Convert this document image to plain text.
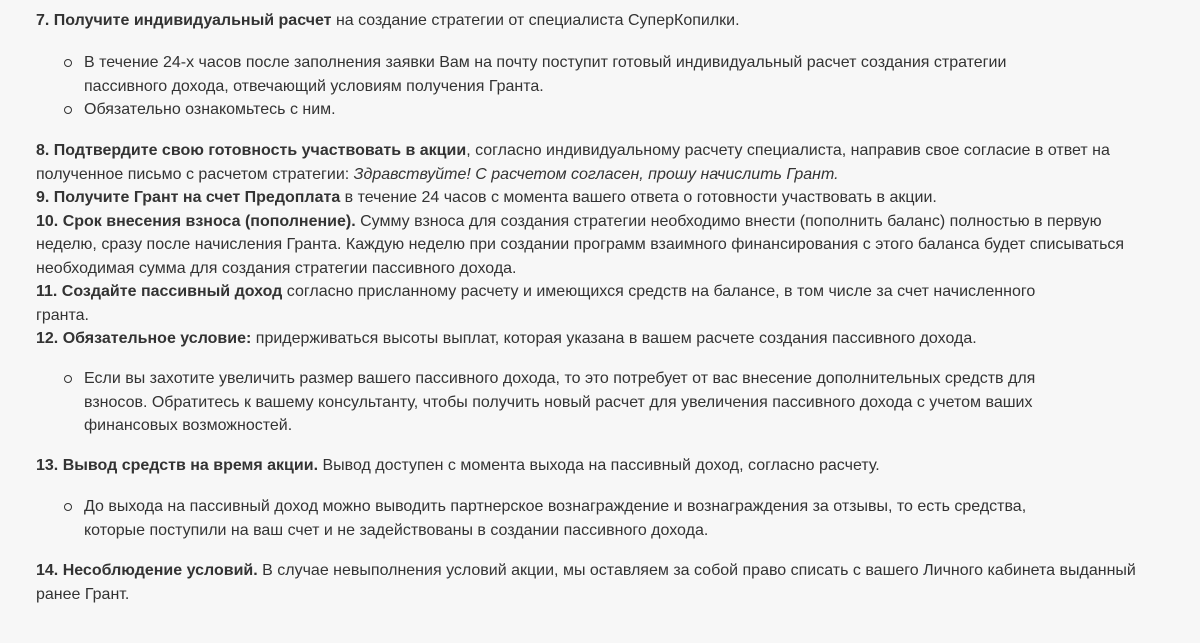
7. Получите индивидуальный расчет на создание стратегии от специалиста СуперКопилки.

В течение 24-х часов после заполнения заявки Вам на почту поступит готовый индивидуальный расчет создания стратегии пассивного дохода, отвечающий условиям получения Гранта.
Обязательно ознакомьтесь с ним.

8. Подтвердите свою готовность участвовать в акции, согласно индивидуальному расчету специалиста, направив свое согласие в ответ на полученное письмо с расчетом стратегии: Здравствуйте! С расчетом согласен, прошу начислить Грант.

9. Получите Грант на счет Предоплата в течение 24 часов с момента вашего ответа о готовности участвовать в акции.

10. Срок внесения взноса (пополнение). Сумму взноса для создания стратегии необходимо внести (пополнить баланс) полностью в первую неделю, сразу после начисления Гранта. Каждую неделю при создании программ взаимного финансирования с этого баланса будет списываться необходимая сумма для создания стратегии пассивного дохода.

11. Создайте пассивный доход согласно присланному расчету и имеющихся средств на балансе, в том числе за счет начисленного гранта.

12. Обязательное условие: придерживаться высоты выплат, которая указана в вашем расчете создания пассивного дохода.

Если вы захотите увеличить размер вашего пассивного дохода, то это потребует от вас внесение дополнительных средств для взносов. Обратитесь к вашему консультанту, чтобы получить новый расчет для увеличения пассивного дохода с учетом ваших финансовых возможностей.

13. Вывод средств на время акции. Вывод доступен с момента выхода на пассивный доход, согласно расчету.

До выхода на пассивный доход можно выводить партнерское вознаграждение и вознаграждения за отзывы, то есть средства, которые поступили на ваш счет и не задействованы в создании пассивного дохода.

14. Несоблюдение условий. В случае невыполнения условий акции, мы оставляем за собой право списать с вашего Личного кабинета выданный ранее Грант.
